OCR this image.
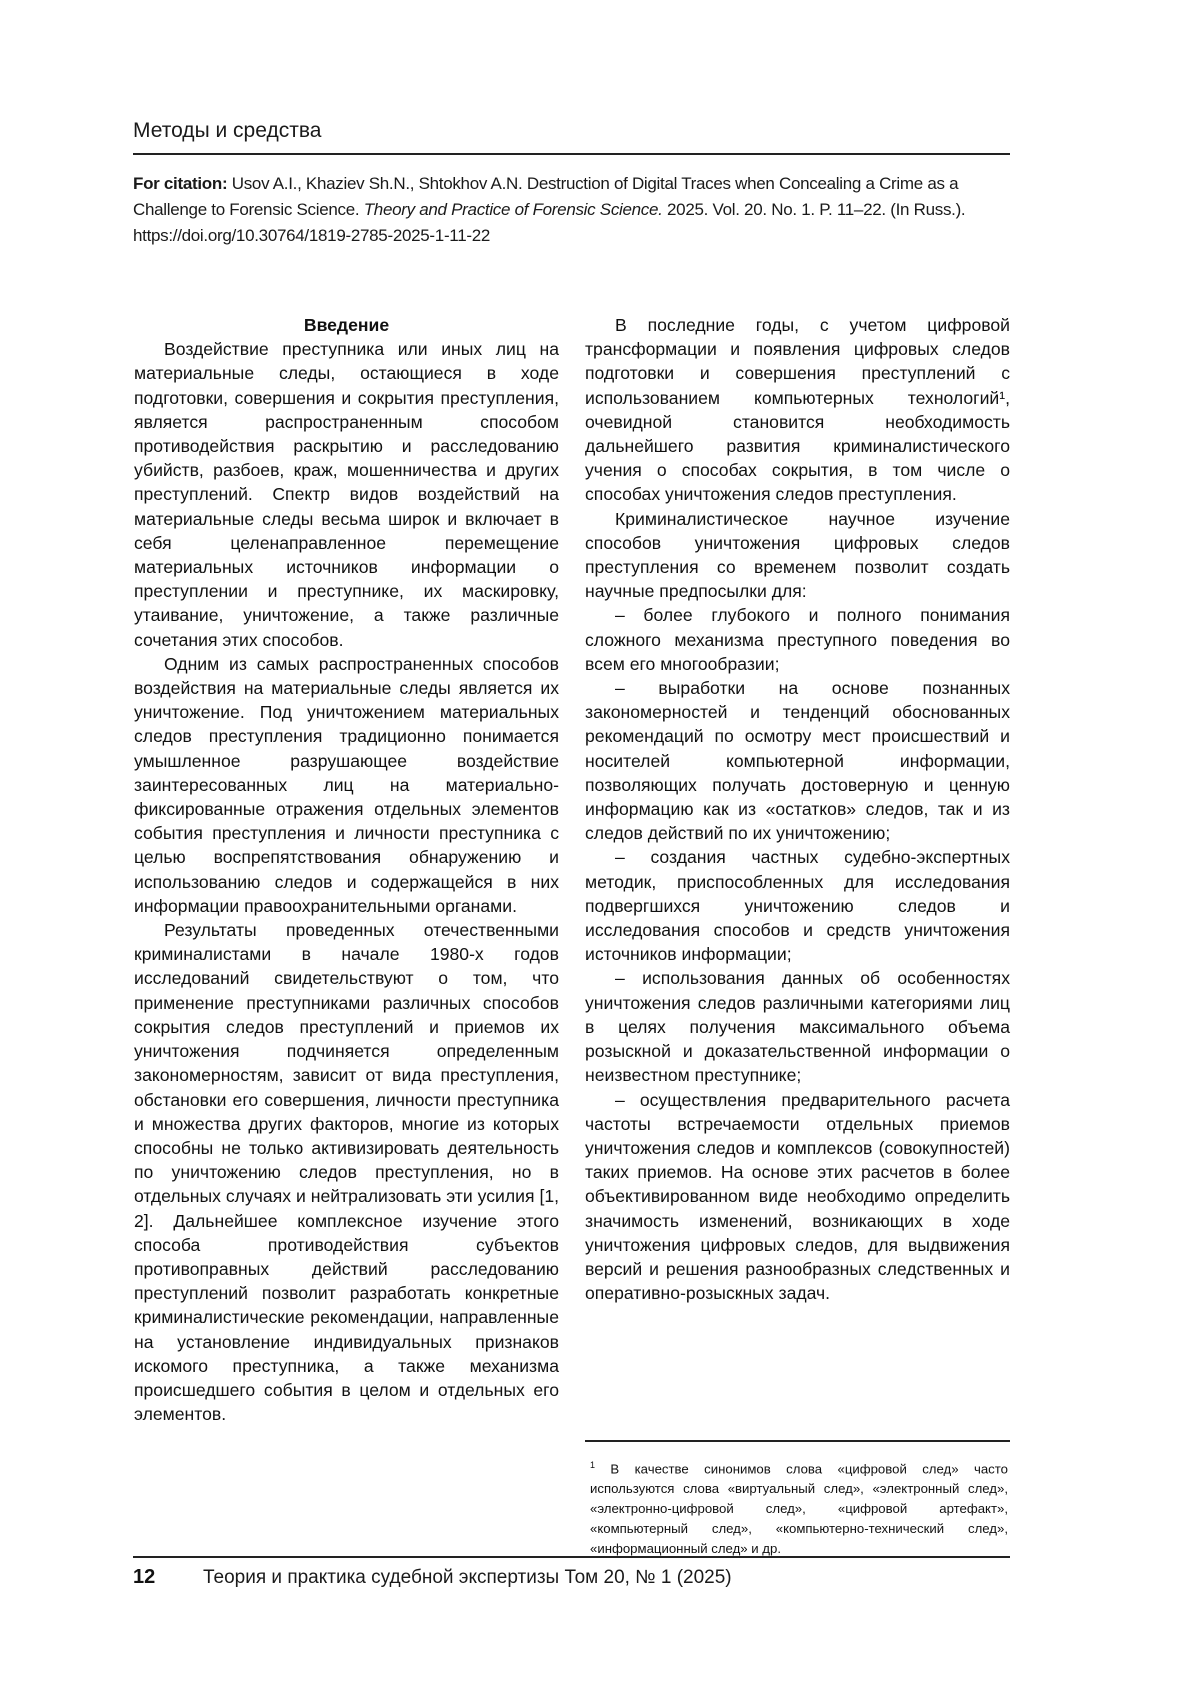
Методы и средства
For citation: Usov A.I., Khaziev Sh.N., Shtokhov A.N. Destruction of Digital Traces when Concealing a Crime as a Challenge to Forensic Science. Theory and Practice of Forensic Science. 2025. Vol. 20. No. 1. P. 11–22. (In Russ.). https://doi.org/10.30764/1819-2785-2025-1-11-22
Введение

Воздействие преступника или иных лиц на материальные следы, остающиеся в ходе подготовки, совершения и сокрытия преступления, является распространенным способом противодействия раскрытию и расследованию убийств, разбоев, краж, мошенничества и других преступлений. Спектр видов воздействий на материальные следы весьма широк и включает в себя целенаправленное перемещение материальных источников информации о преступлении и преступнике, их маскировку, утаивание, уничтожение, а также различные сочетания этих способов.

Одним из самых распространенных способов воздействия на материальные следы является их уничтожение. Под уничтожением материальных следов преступления традиционно понимается умышленное разрушающее воздействие заинтересованных лиц на материально-фиксированные отражения отдельных элементов события преступления и личности преступника с целью воспрепятствования обнаружению и использованию следов и содержащейся в них информации правоохранительными органами.

Результаты проведенных отечественными криминалистами в начале 1980-х годов исследований свидетельствуют о том, что применение преступниками различных способов сокрытия следов преступлений и приемов их уничтожения подчиняется определенным закономерностям, зависит от вида преступления, обстановки его совершения, личности преступника и множества других факторов, многие из которых способны не только активизировать деятельность по уничтожению следов преступления, но в отдельных случаях и нейтрализовать эти усилия [1, 2]. Дальнейшее комплексное изучение этого способа противодействия субъектов противоправных действий расследованию преступлений позволит разработать конкретные криминалистические рекомендации, направленные на установление индивидуальных признаков искомого преступника, а также механизма происшедшего события в целом и отдельных его элементов.

В последние годы, с учетом цифровой трансформации и появления цифровых следов подготовки и совершения преступлений с использованием компьютерных технологий¹, очевидной становится необходимость дальнейшего развития криминалистического учения о способах сокрытия, в том числе о способах уничтожения следов преступления.

Криминалистическое научное изучение способов уничтожения цифровых следов преступления со временем позволит создать научные предпосылки для:

– более глубокого и полного понимания сложного механизма преступного поведения во всем его многообразии;

– выработки на основе познанных закономерностей и тенденций обоснованных рекомендаций по осмотру мест происшествий и носителей компьютерной информации, позволяющих получать достоверную и ценную информацию как из «остатков» следов, так и из следов действий по их уничтожению;

– создания частных судебно-экспертных методик, приспособленных для исследования подвергшихся уничтожению следов и исследования способов и средств уничтожения источников информации;

– использования данных об особенностях уничтожения следов различными категориями лиц в целях получения максимального объема розыскной и доказательственной информации о неизвестном преступнике;

– осуществления предварительного расчета частоты встречаемости отдельных приемов уничтожения следов и комплексов (совокупностей) таких приемов. На основе этих расчетов в более объективированном виде необходимо определить значимость изменений, возникающих в ходе уничтожения цифровых следов, для выдвижения версий и решения разнообразных следственных и оперативно-розыскных задач.

$^1$ В качестве синонимов слова «цифровой след» часто используются слова «виртуальный след», «электронный след», «электронно-цифровой след», «цифровой артефакт», «компьютерный след», «компьютерно-технический след», «информационный след» и др.
12	Теория и практика судебной экспертизы Том 20, № 1 (2025)
